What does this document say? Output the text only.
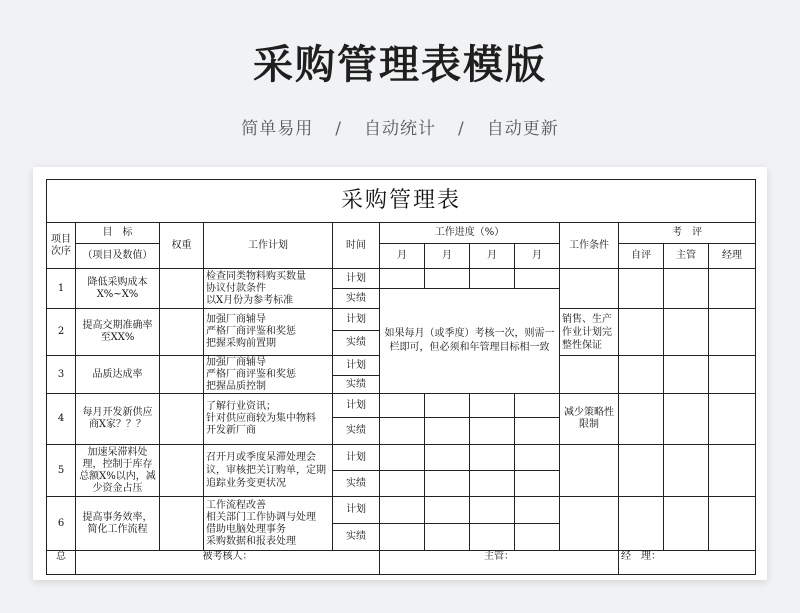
采购管理表模版
简单易用 / 自动统计 / 自动更新
采购管理表												
项目次序	目　标	权重	工作计划	时间	工作进度（%）				工作条件	考　评		
	（项目及数值）				月	月	月	月		自评	主管	经理
1	降低采购成本X%~X%		检查同类物料购买数量
协议付款条件
以X月份为参考标准	计划								
				实绩	如果每月（或季度）考核一次，则需一栏即可，但必须和年管理目标相一致							
2	提高交期准确率至XX%		加强厂商辅导
严格厂商评鉴和奖惩
把握采购前置期	计划					销售、生产作业计划完整性保证			
				实绩								
3	品质达成率		加强厂商辅导
严格厂商评鉴和奖惩
把握品质控制	计划								
				实绩								
4	每月开发新供应商X家？？？		了解行业资讯；
针对供应商较为集中物料
开发新厂商	计划					减少策略性限制			
				实绩								
5	加速呆滞料处理，控制于库存总额X%以内，减少资金占压		召开月或季度呆滞处理会议，审核把关订购单，定期追踪业务变更状况	计划								
				实绩								
6	提高事务效率，简化工作流程		工作流程改善
相关部门工作协调与处理
借助电脑处理事务
采购数据和报表处理	计划								
				实绩								
总	被考核人：				主管：					经　理：		
